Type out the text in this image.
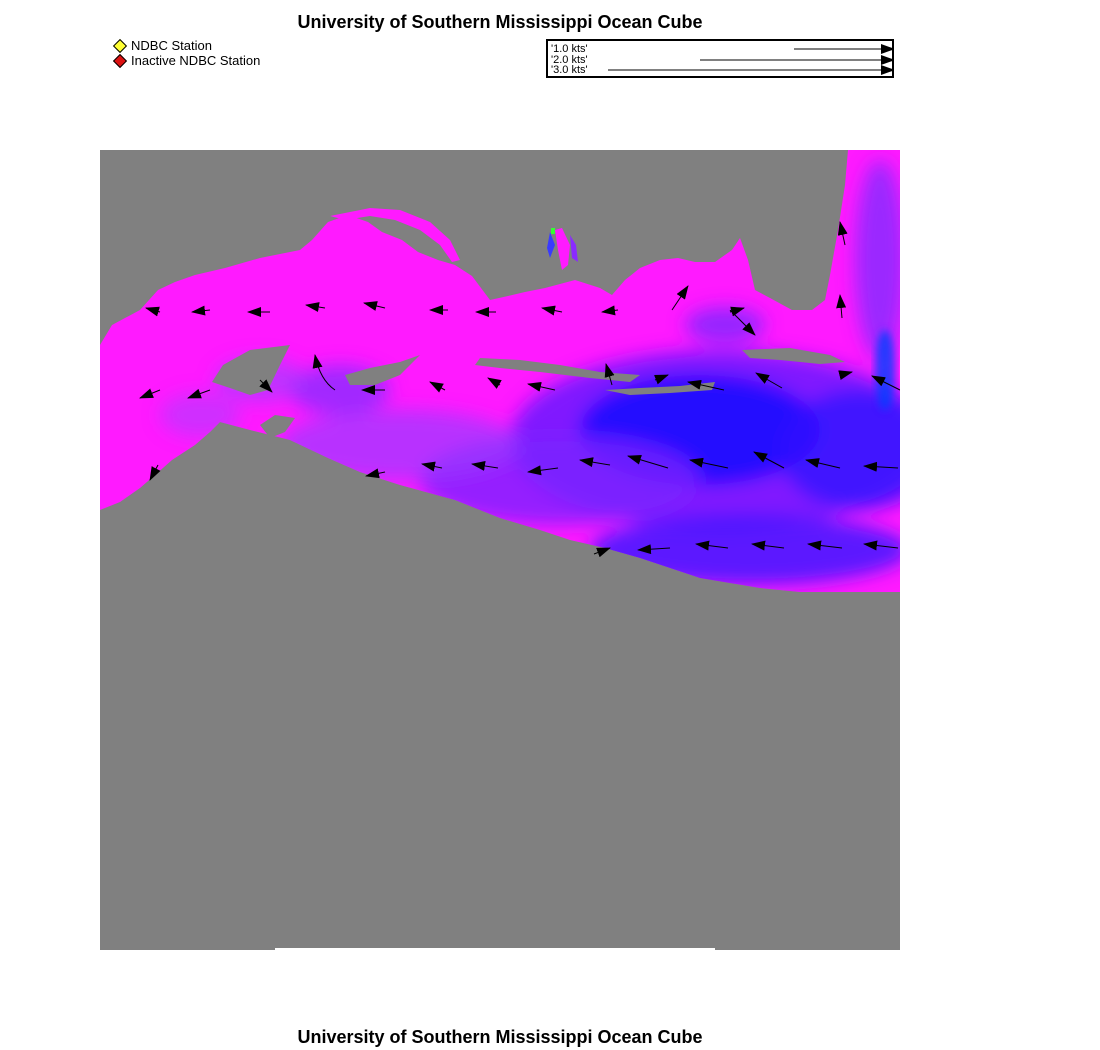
University of Southern Mississippi Ocean Cube
NDBC Station
Inactive NDBC Station
'1.0 kts'
'2.0 kts'
'3.0 kts'
University of Southern Mississippi Ocean Cube
